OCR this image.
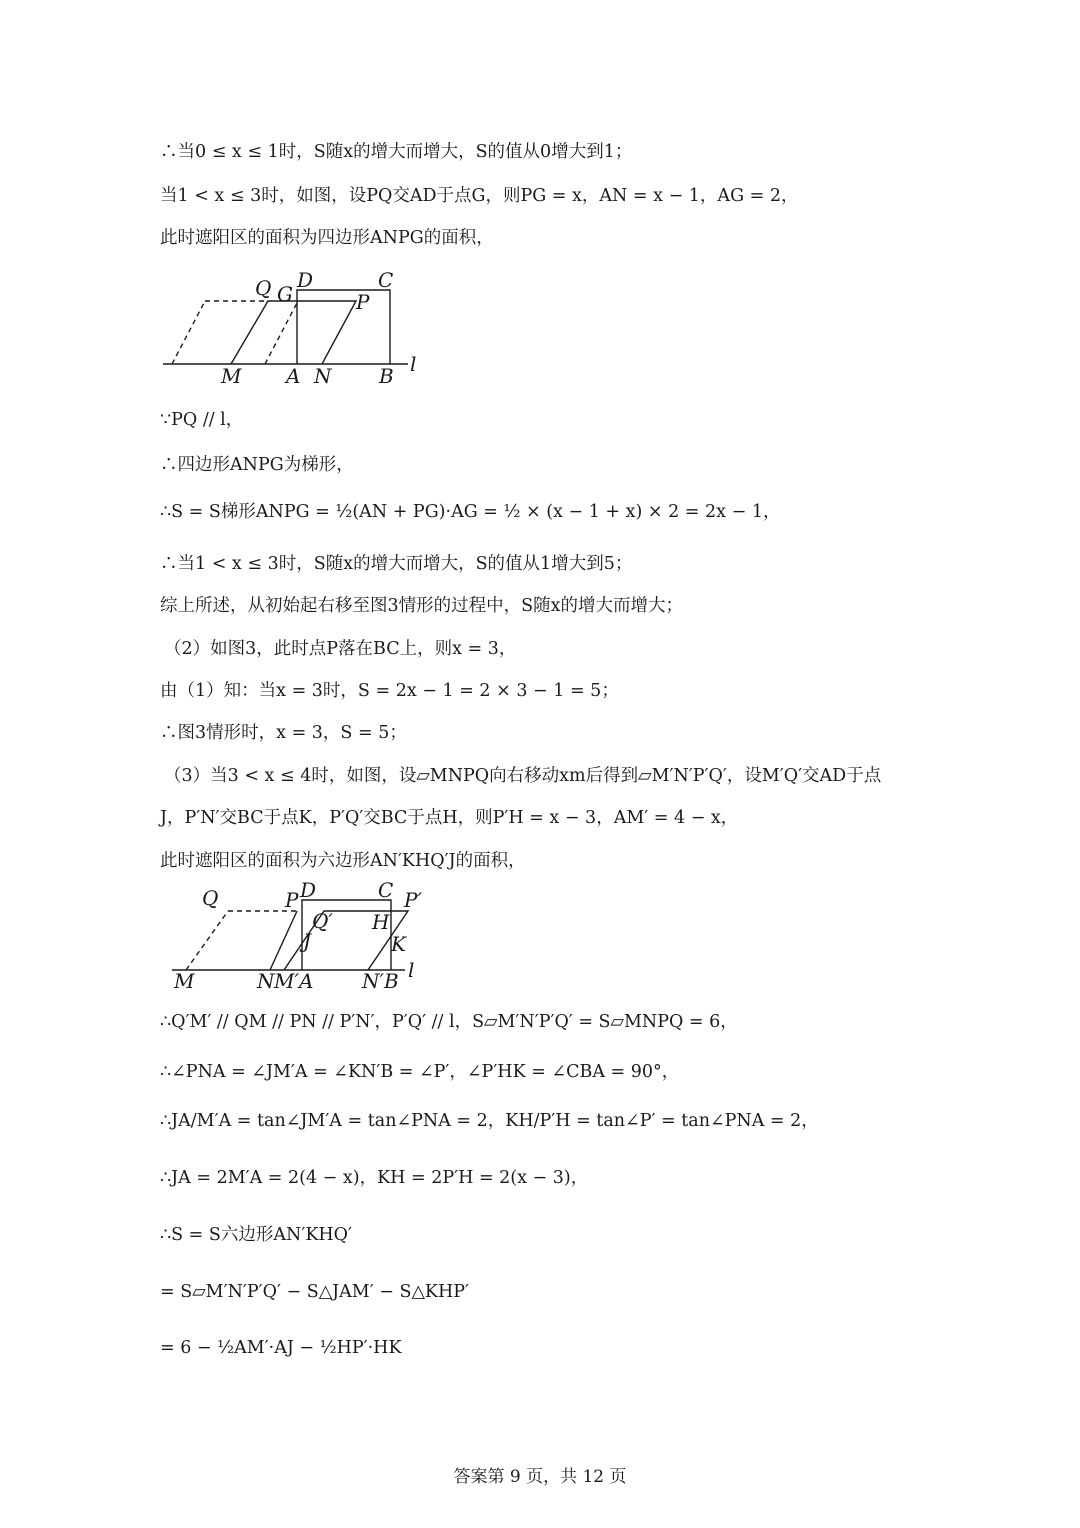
∴当0 ≤ x ≤ 1时，S随x的增大而增大，S的值从0增大到1；

当1 < x ≤ 3时，如图，设PQ交AD于点G，则PG = x，AN = x − 1，AG = 2，

此时遮阳区的面积为四边形ANPG的面积，

Q G
D	C
P
M A N B l

∵PQ // l，

∴四边形ANPG为梯形，

∴S = S梯形ANPG = ½(AN + PG)·AG = ½ × (x − 1 + x) × 2 = 2x − 1，

∴当1 < x ≤ 3时，S随x的增大而增大，S的值从1增大到5；

综上所述，从初始起右移至图3情形的过程中，S随x的增大而增大；

（2）如图3，此时点P落在BC上，则x = 3，

由（1）知：当x = 3时，S = 2x − 1 = 2 × 3 − 1 = 5；

∴图3情形时，x = 3，S = 5；

（3）当3 < x ≤ 4时，如图，设▱MNPQ向右移动xm后得到▱M′N′P′Q′，设M′Q′交AD于点

J，P′N′交BC于点K，P′Q′交BC于点H，则P′H = x − 3，AM′ = 4 − x，

此时遮阳区的面积为六边形AN′KHQ′J的面积，

Q	P D	C P′
Q′ H
J	K
M	N M′A N′B l

∴Q′M′ // QM // PN // P′N′，P′Q′ // l，S▱M′N′P′Q′ = S▱MNPQ = 6，

∴∠PNA = ∠JM′A = ∠KN′B = ∠P′，∠P′HK = ∠CBA = 90°，

∴JA/M′A = tan∠JM′A = tan∠PNA = 2，KH/P′H = tan∠P′ = tan∠PNA = 2，

∴JA = 2M′A = 2(4 − x)，KH = 2P′H = 2(x − 3)，

∴S = S六边形AN′KHQ′

= S▱M′N′P′Q′ − S△JAM′ − S△KHP′

= 6 − ½AM′·AJ − ½HP′·HK

答案第 9 页，共 12 页
